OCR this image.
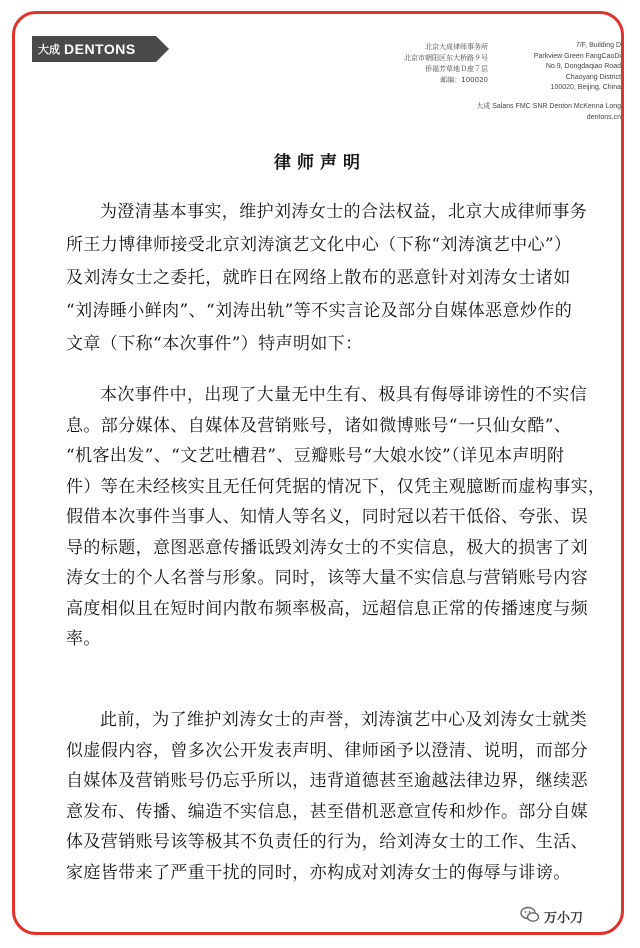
大成 DENTONS	北京大成律师事务所
北京市朝阳区东大桥路９号
侨福芳草地Ｄ座７层
邮编：100020
7/F, Building D
Parkview Green FangCaoDi
No.9, Dongdaqiao Road
Chaoyang District
100020, Beijing, China
大成 Salans FMC SNR Denton McKenna Long
dentons.cn
律师声明
为澄清基本事实，维护刘涛女士的合法权益，北京大成律师事务
所王力博律师接受北京刘涛演艺文化中心（下称“刘涛演艺中心”）
及刘涛女士之委托，就昨日在网络上散布的恶意针对刘涛女士诸如
“刘涛睡小鲜肉”、“刘涛出轨”等不实言论及部分自媒体恶意炒作的
文章（下称“本次事件”）特声明如下：
本次事件中，出现了大量无中生有、极具有侮辱诽谤性的不实信
息。部分媒体、自媒体及营销账号，诸如微博账号“一只仙女酷”、
“机客出发”、“文艺吐槽君”、豆瓣账号“大娘水饺”（详见本声明附
件）等在未经核实且无任何凭据的情况下，仅凭主观臆断而虚构事实，
假借本次事件当事人、知情人等名义，同时冠以若干低俗、夸张、误
导的标题，意图恶意传播诋毁刘涛女士的不实信息，极大的损害了刘
涛女士的个人名誉与形象。同时，该等大量不实信息与营销账号内容
高度相似且在短时间内散布频率极高，远超信息正常的传播速度与频
率。
此前，为了维护刘涛女士的声誉，刘涛演艺中心及刘涛女士就类
似虚假内容，曾多次公开发表声明、律师函予以澄清、说明，而部分
自媒体及营销账号仍忘乎所以，违背道德甚至逾越法律边界，继续恶
意发布、传播、编造不实信息，甚至借机恶意宣传和炒作。部分自媒
体及营销账号该等极其不负责任的行为，给刘涛女士的工作、生活、
家庭皆带来了严重干扰的同时，亦构成对刘涛女士的侮辱与诽谤。
万小刀
